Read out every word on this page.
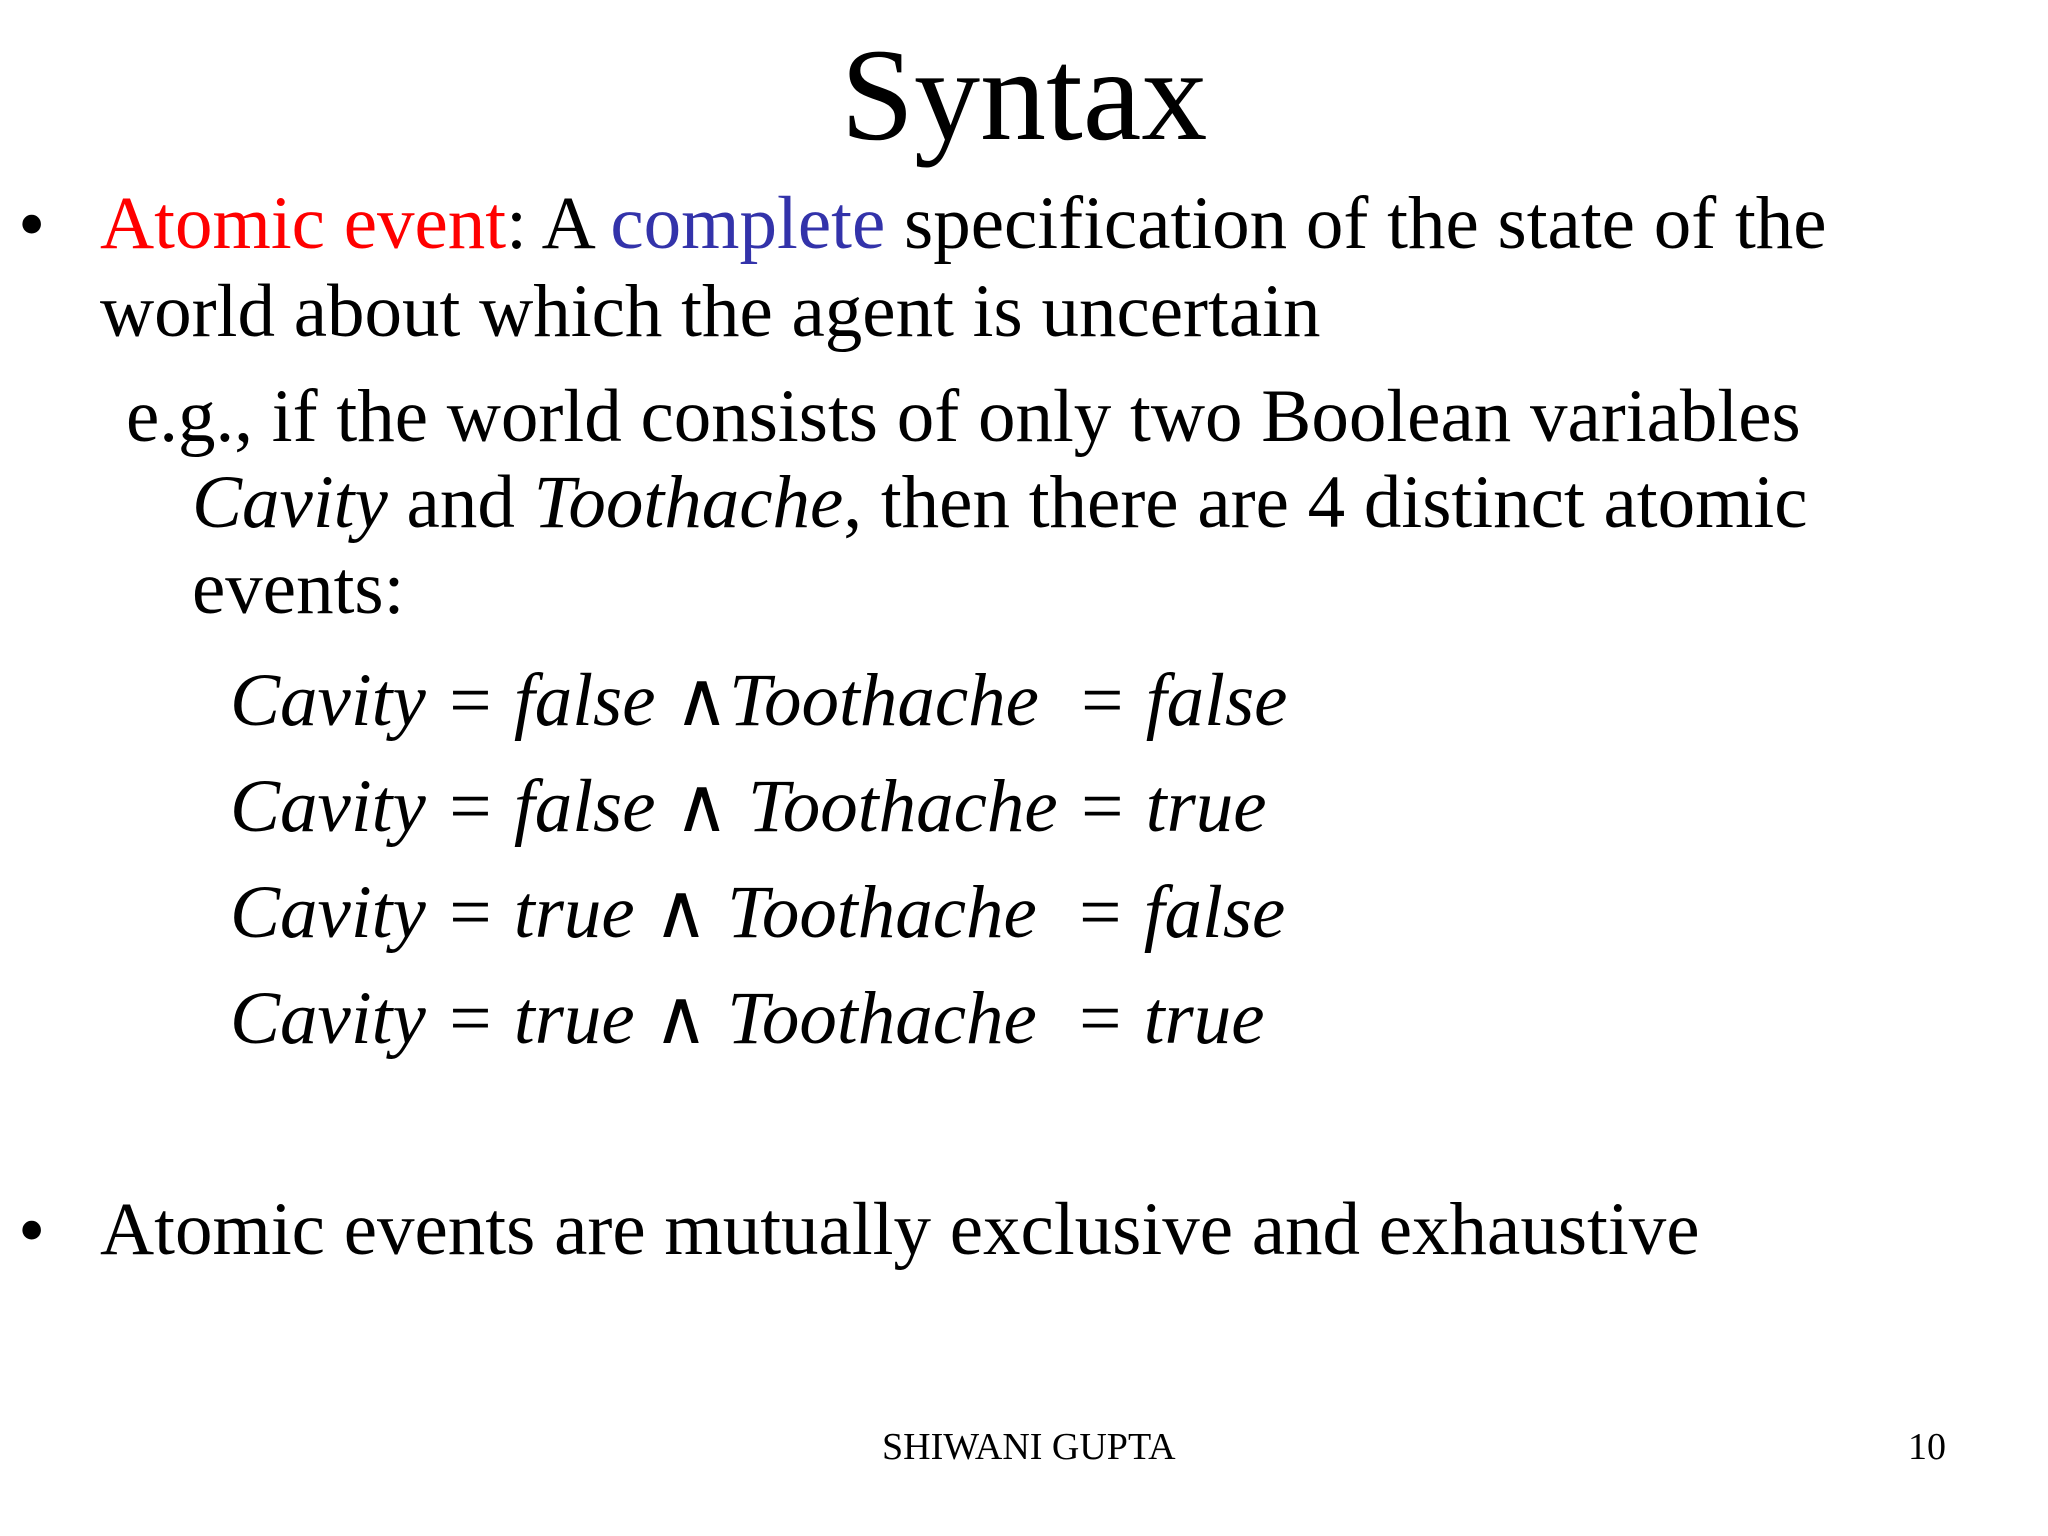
Syntax
• Atomic event: A complete specification of the state of the
world about which the agent is uncertain
e.g., if the world consists of only two Boolean variables
Cavity and Toothache, then there are 4 distinct atomic
events:
Cavity = false ∧Toothache  = false
Cavity = false ∧ Toothache = true
Cavity = true ∧ Toothache  = false
Cavity = true ∧ Toothache  = true
• Atomic events are mutually exclusive and exhaustive
SHIWANI GUPTA	10
